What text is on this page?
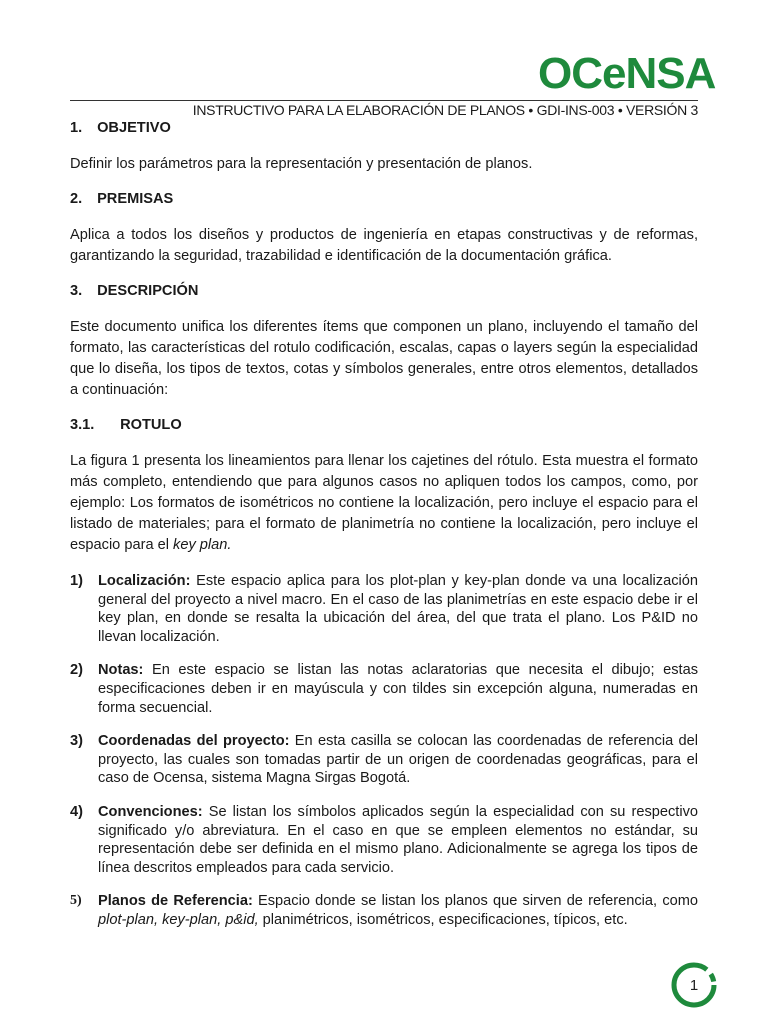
OCeNSA
INSTRUCTIVO PARA LA ELABORACIÓN DE PLANOS • GDI-INS-003 • VERSIÓN 3
1. OBJETIVO

Definir los parámetros para la representación y presentación de planos.

2. PREMISAS

Aplica a todos los diseños y productos de ingeniería en etapas constructivas y de reformas, garantizando la seguridad, trazabilidad e identificación de la documentación gráfica.

3. DESCRIPCIÓN

Este documento unifica los diferentes ítems que componen un plano, incluyendo el tamaño del formato, las características del rotulo codificación, escalas, capas o layers según la especialidad que lo diseña, los tipos de textos, cotas y símbolos generales, entre otros elementos, detallados a continuación:

3.1. ROTULO

La figura 1 presenta los lineamientos para llenar los cajetines del rótulo. Esta muestra el formato más completo, entendiendo que para algunos casos no apliquen todos los campos, como, por ejemplo: Los formatos de isométricos no contiene la localización, pero incluye el espacio para el listado de materiales; para el formato de planimetría no contiene la localización, pero incluye el espacio para el key plan.

1) Localización: Este espacio aplica para los plot-plan y key-plan donde va una localización general del proyecto a nivel macro. En el caso de las planimetrías en este espacio debe ir el key plan, en donde se resalta la ubicación del área, del que trata el plano. Los P&ID no llevan localización.
2) Notas: En este espacio se listan las notas aclaratorias que necesita el dibujo; estas especificaciones deben ir en mayúscula y con tildes sin excepción alguna, numeradas en forma secuencial.
3) Coordenadas del proyecto: En esta casilla se colocan las coordenadas de referencia del proyecto, las cuales son tomadas partir de un origen de coordenadas geográficas, para el caso de Ocensa, sistema Magna Sirgas Bogotá.
4) Convenciones: Se listan los símbolos aplicados según la especialidad con su respectivo significado y/o abreviatura. En el caso en que se empleen elementos no estándar, su representación debe ser definida en el mismo plano. Adicionalmente se agrega los tipos de línea descritos empleados para cada servicio.
5) Planos de Referencia: Espacio donde se listan los planos que sirven de referencia, como plot-plan, key-plan, p&id, planimétricos, isométricos, especificaciones, típicos, etc.
1
